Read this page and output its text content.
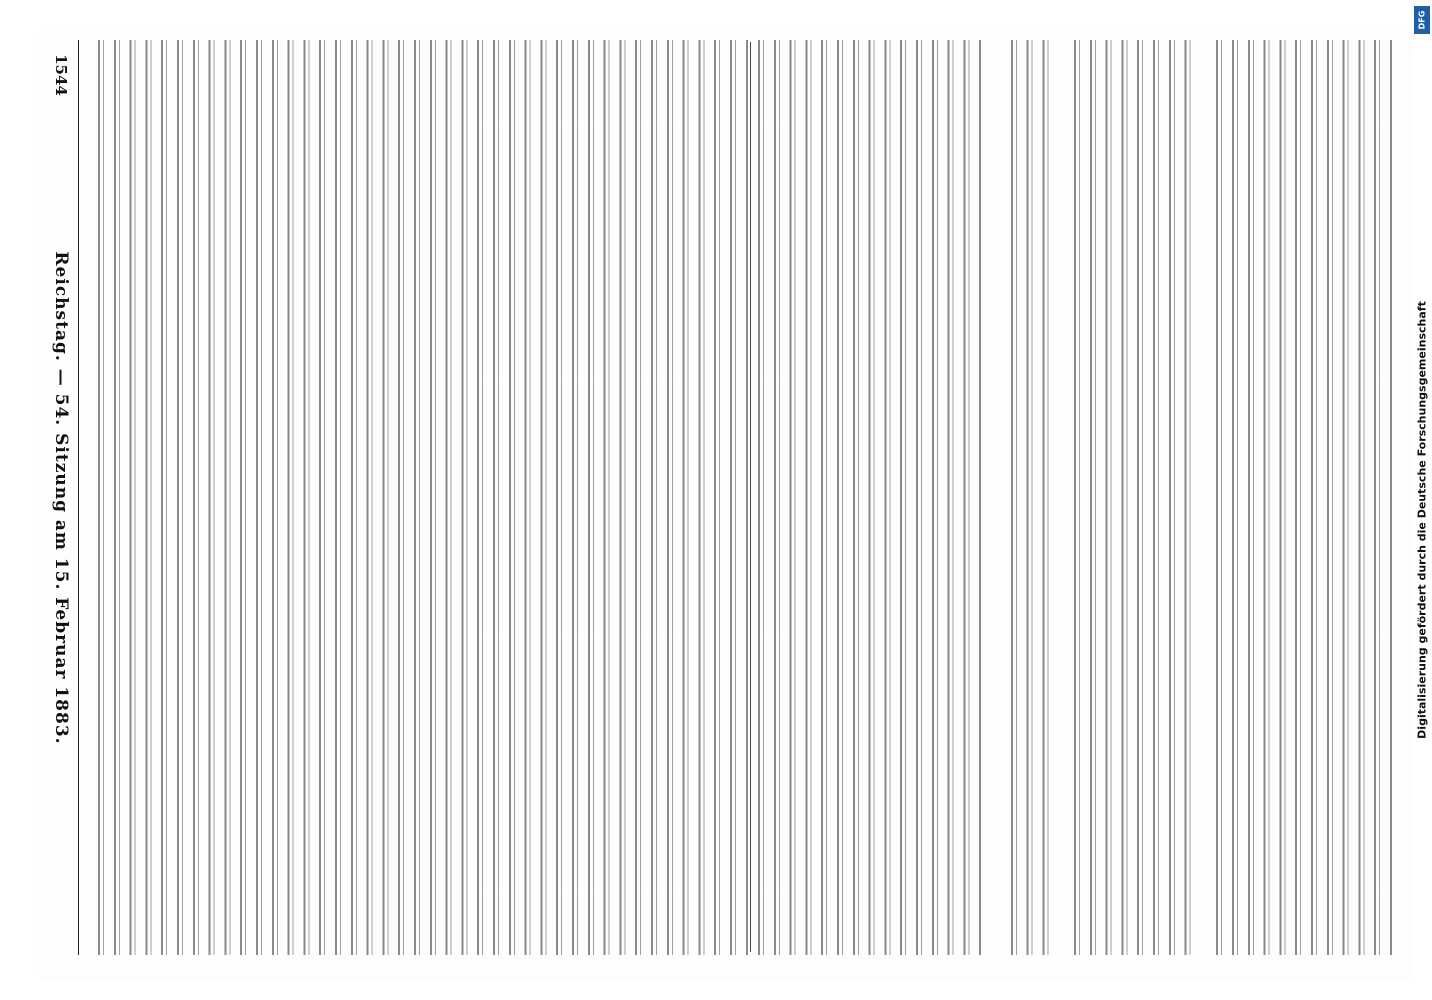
1544
Reichstag. — 54. Sitzung am 15. Februar 1883.
DFG
Digitalisierung gefördert durch die Deutsche Forschungsgemeinschaft
